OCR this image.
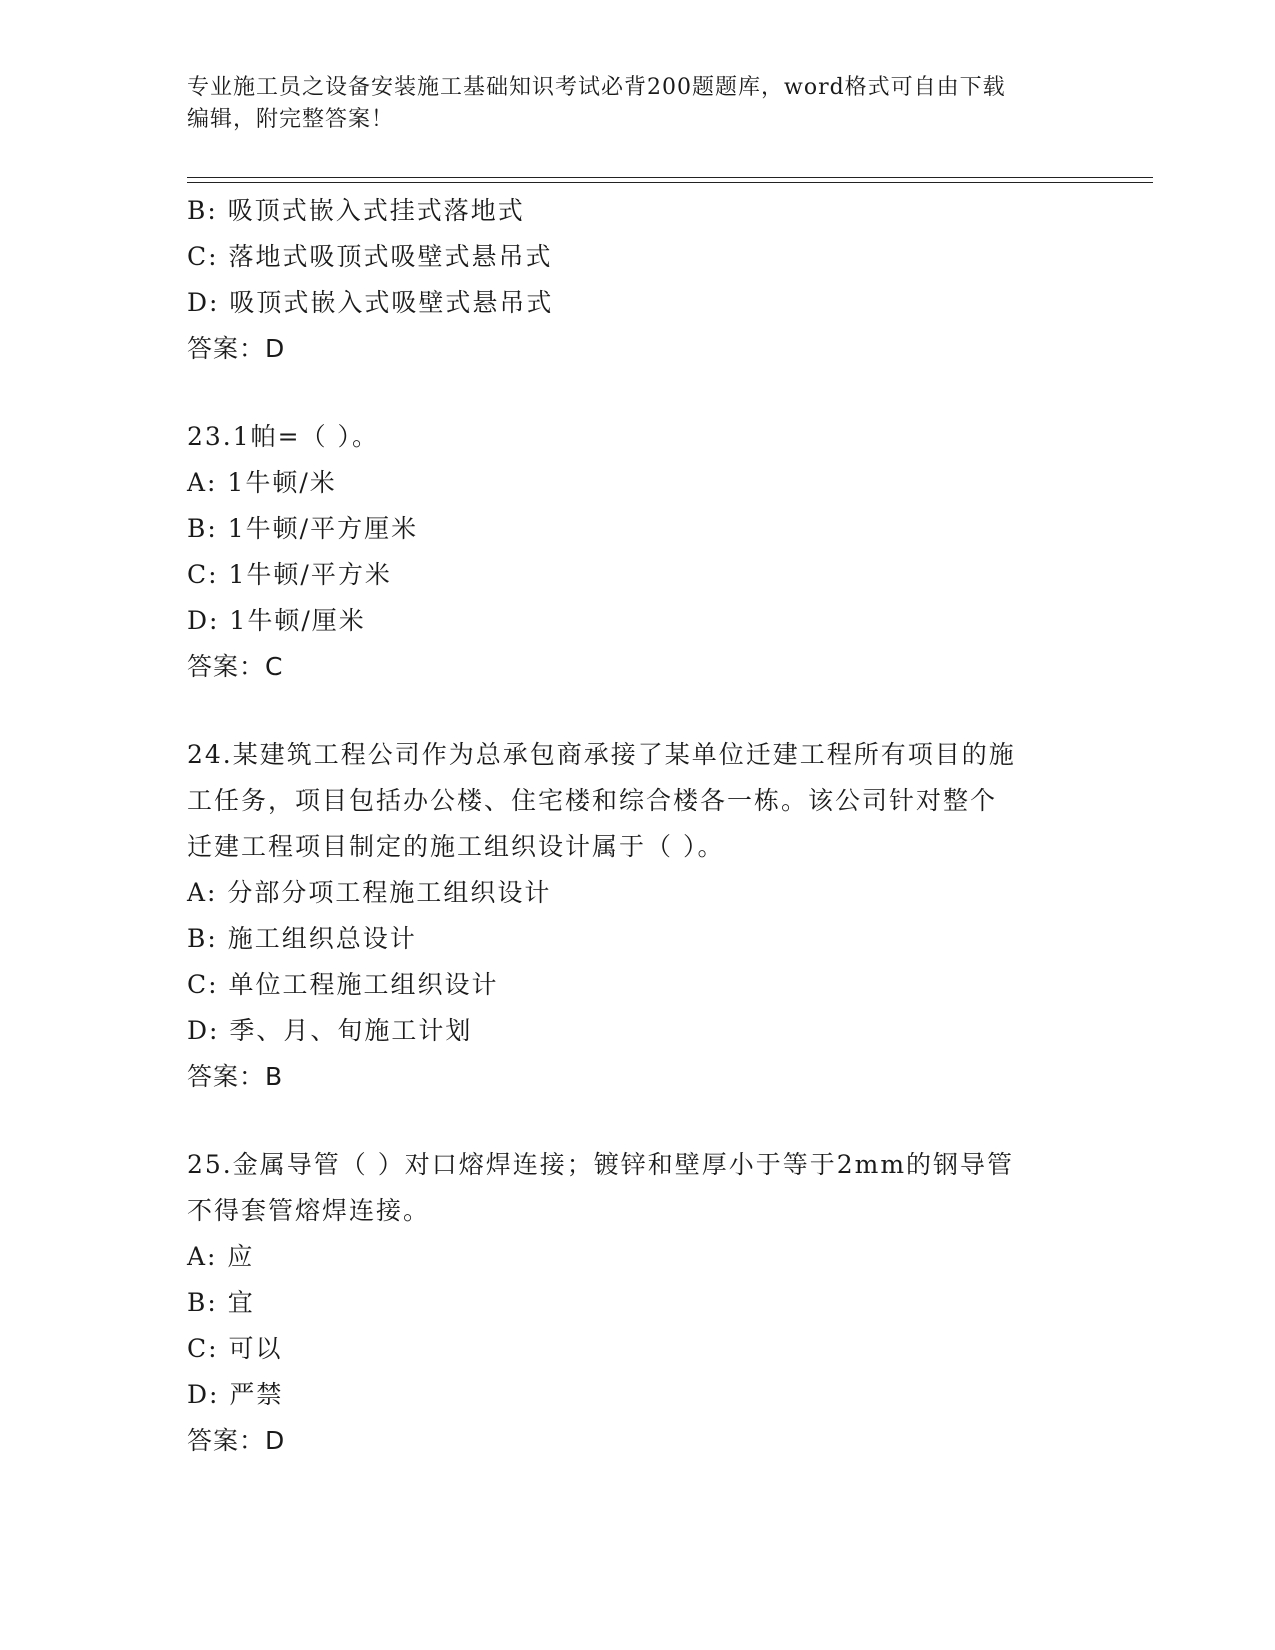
专业施工员之设备安装施工基础知识考试必背200题题库，word格式可自由下载
编辑，附完整答案！
B: 吸顶式嵌入式挂式落地式
C: 落地式吸顶式吸壁式悬吊式
D: 吸顶式嵌入式吸壁式悬吊式
答案：D
23.1帕=（ ）。
A: 1牛顿/米
B: 1牛顿/平方厘米
C: 1牛顿/平方米
D: 1牛顿/厘米
答案：C
24.某建筑工程公司作为总承包商承接了某单位迁建工程所有项目的施
工任务，项目包括办公楼、住宅楼和综合楼各一栋。该公司针对整个
迁建工程项目制定的施工组织设计属于（ ）。
A: 分部分项工程施工组织设计
B: 施工组织总设计
C: 单位工程施工组织设计
D: 季、月、旬施工计划
答案：B
25.金属导管（ ）对口熔焊连接；镀锌和壁厚小于等于2mm的钢导管
不得套管熔焊连接。
A: 应
B: 宜
C: 可以
D: 严禁
答案：D
